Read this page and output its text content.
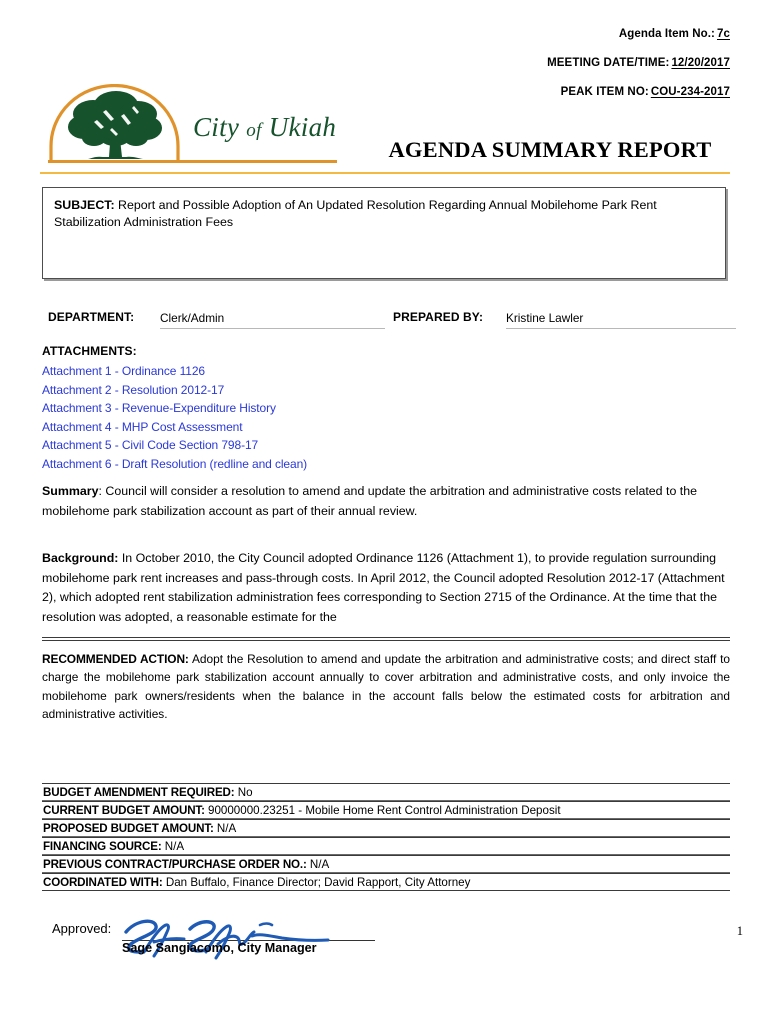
Agenda Item No.: 7c
MEETING DATE/TIME: 12/20/2017
PEAK ITEM NO: COU-234-2017
City of Ukiah
AGENDA SUMMARY REPORT
SUBJECT: Report and Possible Adoption of An Updated Resolution Regarding Annual Mobilehome Park Rent Stabilization Administration Fees
DEPARTMENT: Clerk/Admin	PREPARED BY: Kristine Lawler
ATTACHMENTS:
Attachment 1 - Ordinance 1126
Attachment 2 - Resolution 2012-17
Attachment 3 - Revenue-Expenditure History
Attachment 4 - MHP Cost Assessment
Attachment 5 - Civil Code Section 798-17
Attachment 6 - Draft Resolution (redline and clean)
Summary: Council will consider a resolution to amend and update the arbitration and administrative costs related to the mobilehome park stabilization account as part of their annual review.
Background: In October 2010, the City Council adopted Ordinance 1126 (Attachment 1), to provide regulation surrounding mobilehome park rent increases and pass-through costs. In April 2012, the Council adopted Resolution 2012-17 (Attachment 2), which adopted rent stabilization administration fees corresponding to Section 2715 of the Ordinance. At the time that the resolution was adopted, a reasonable estimate for the
RECOMMENDED ACTION: Adopt the Resolution to amend and update the arbitration and administrative costs; and direct staff to charge the mobilehome park stabilization account annually to cover arbitration and administrative costs, and only invoice the mobilehome park owners/residents when the balance in the account falls below the estimated costs for arbitration and administrative activities.
BUDGET AMENDMENT REQUIRED: No
CURRENT BUDGET AMOUNT: 90000000.23251 - Mobile Home Rent Control Administration Deposit
PROPOSED BUDGET AMOUNT: N/A
FINANCING SOURCE: N/A
PREVIOUS CONTRACT/PURCHASE ORDER NO.: N/A
COORDINATED WITH: Dan Buffalo, Finance Director; David Rapport, City Attorney
Approved:
Sage Sangiacomo, City Manager
1
